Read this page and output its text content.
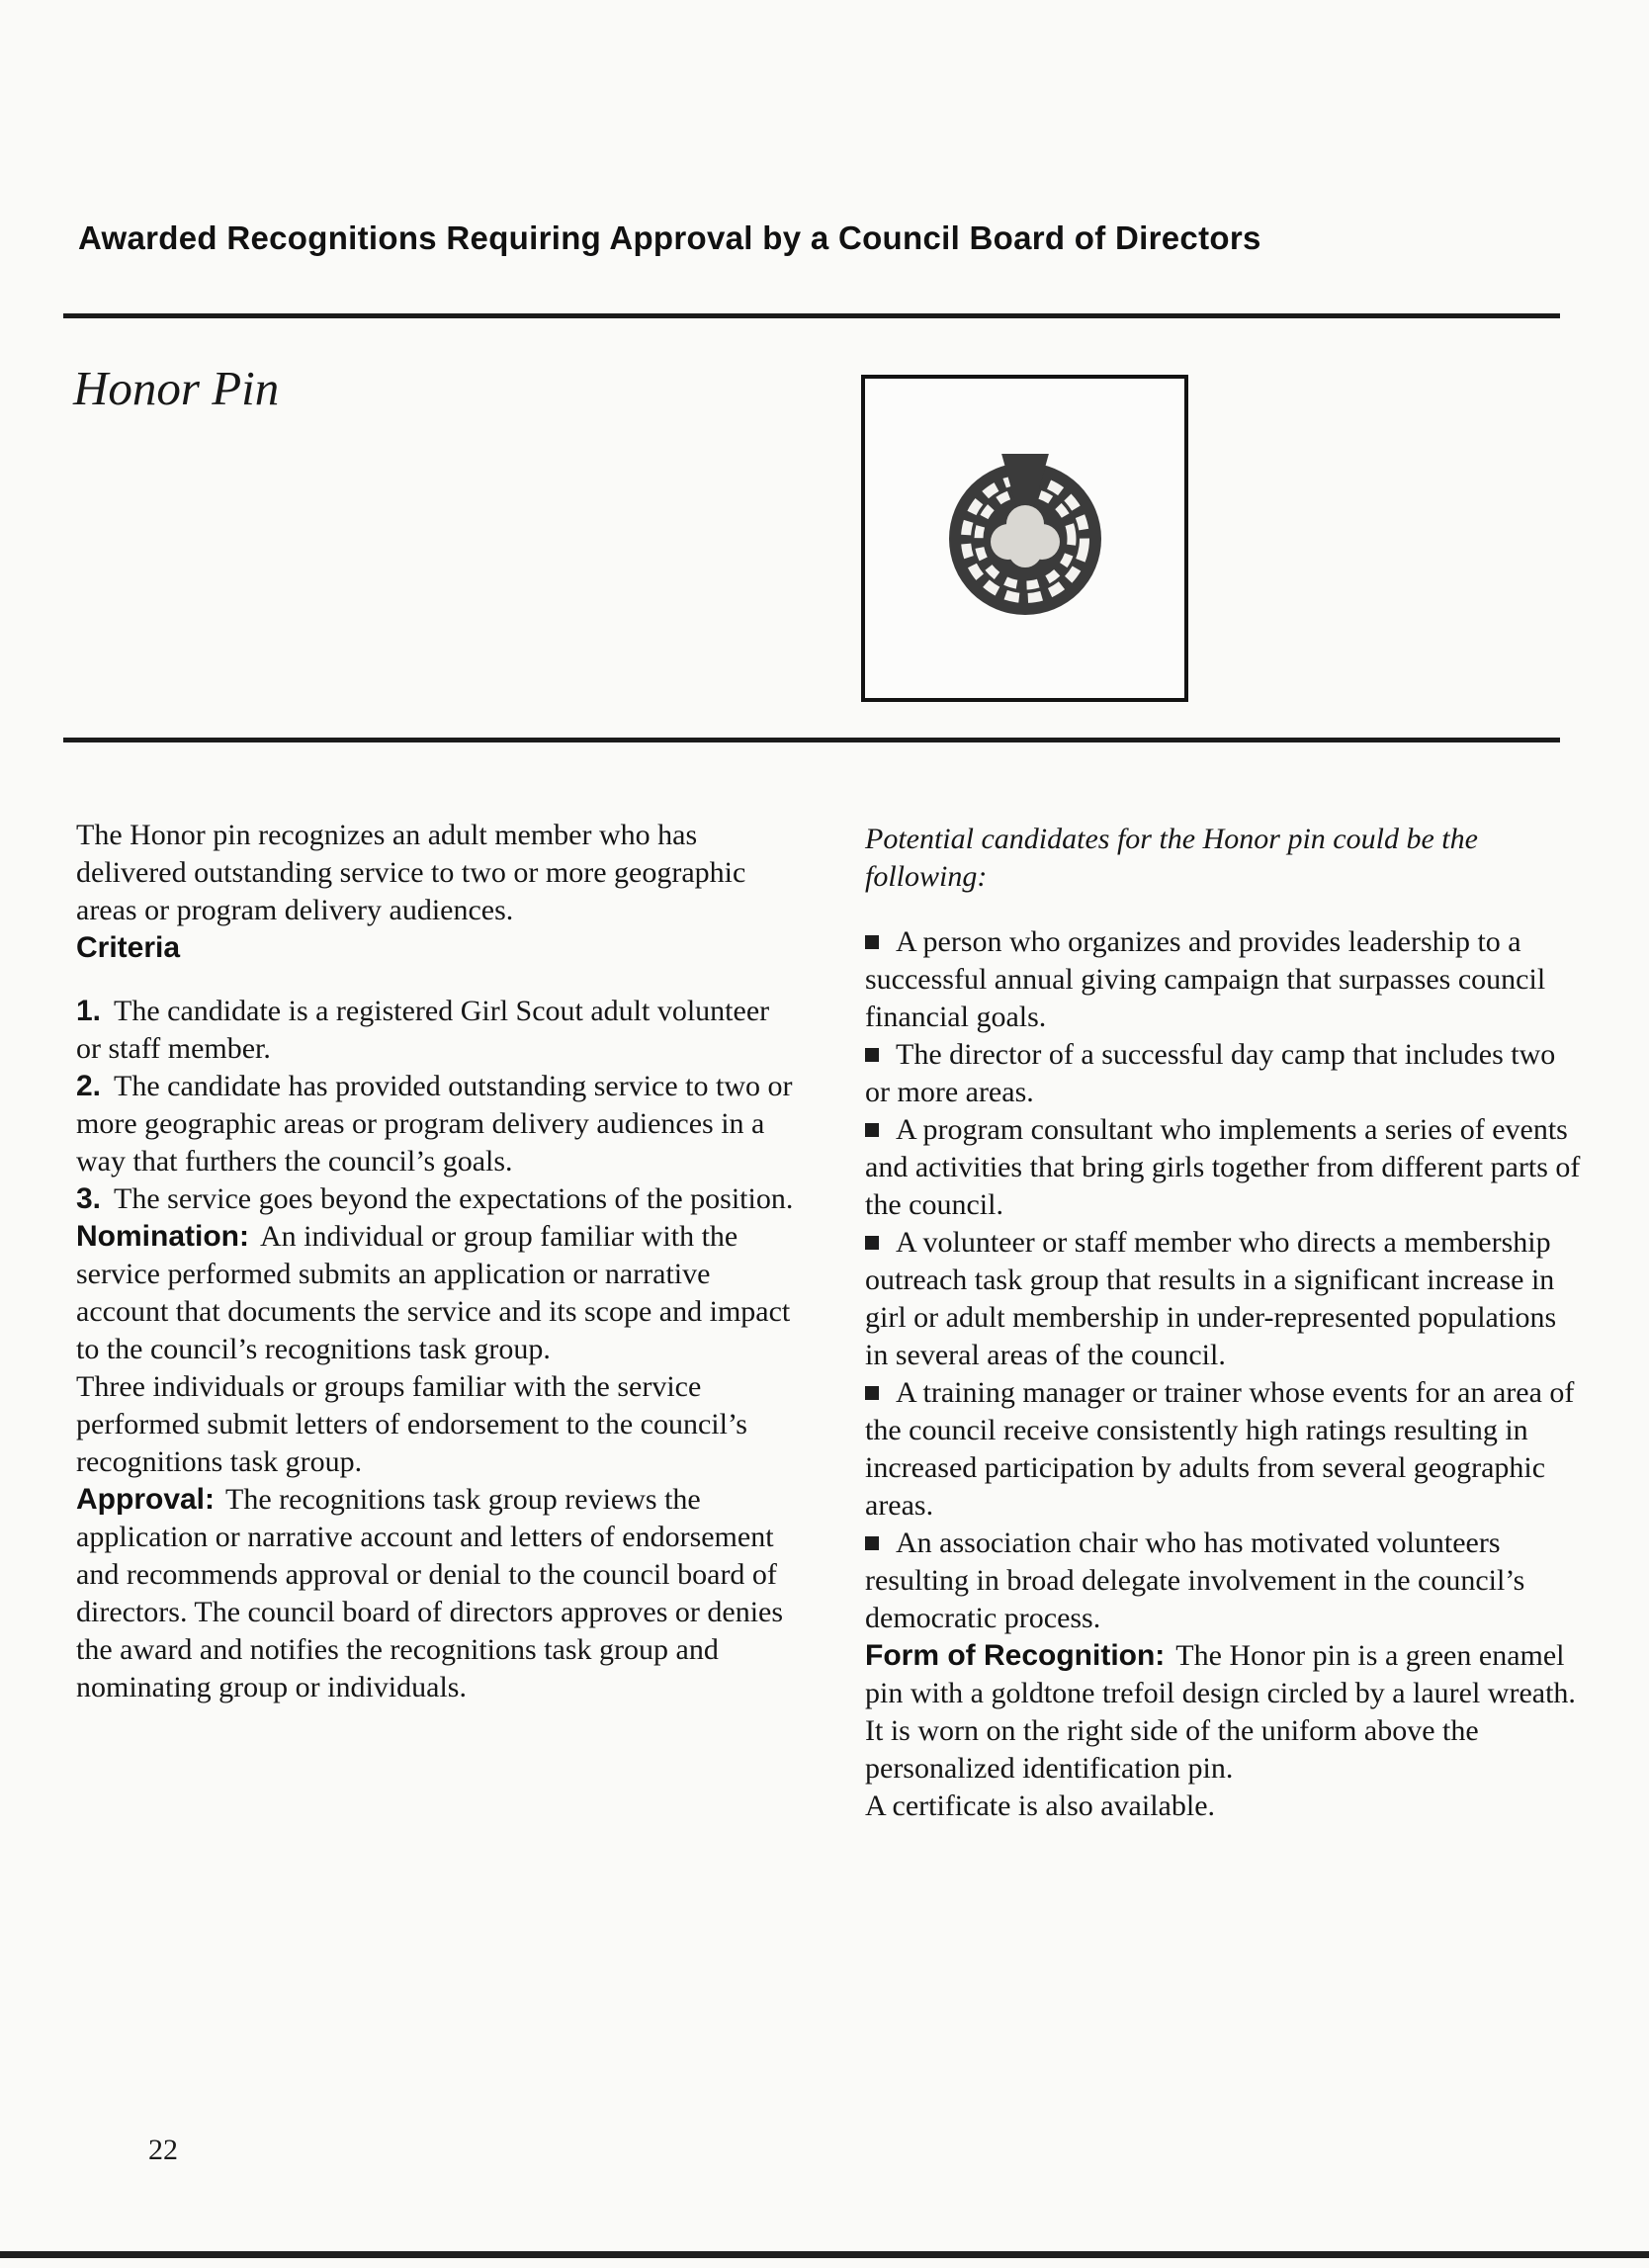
Awarded Recognitions Requiring Approval by a Council Board of Directors
Honor Pin

The Honor pin recognizes an adult member who has delivered outstanding service to two or more geographic areas or program delivery audiences.

Criteria

1. The candidate is a registered Girl Scout adult volunteer or staff member.

2. The candidate has provided outstanding service to two or more geographic areas or program delivery audiences in a way that furthers the council’s goals.

3. The service goes beyond the expectations of the position.

Nomination: An individual or group familiar with the service performed submits an application or narrative account that documents the service and its scope and impact to the council’s recognitions task group.

Three individuals or groups familiar with the service performed submit letters of endorsement to the council’s recognitions task group.

Approval: The recognitions task group reviews the application or narrative account and letters of endorsement and recommends approval or denial to the council board of directors. The council board of directors approves or denies the award and notifies the recognitions task group and nominating group or individuals.

Potential candidates for the Honor pin could be the following:

A person who organizes and provides leadership to a successful annual giving campaign that surpasses council financial goals.

The director of a successful day camp that includes two or more areas.

A program consultant who implements a series of events and activities that bring girls together from different parts of the council.

A volunteer or staff member who directs a membership outreach task group that results in a significant increase in girl or adult membership in under-represented populations in several areas of the council.

A training manager or trainer whose events for an area of the council receive consistently high ratings resulting in increased participation by adults from several geographic areas.

An association chair who has motivated volunteers resulting in broad delegate involvement in the council’s democratic process.

Form of Recognition: The Honor pin is a green enamel pin with a goldtone trefoil design circled by a laurel wreath. It is worn on the right side of the uniform above the personalized identification pin.

A certificate is also available.

22
